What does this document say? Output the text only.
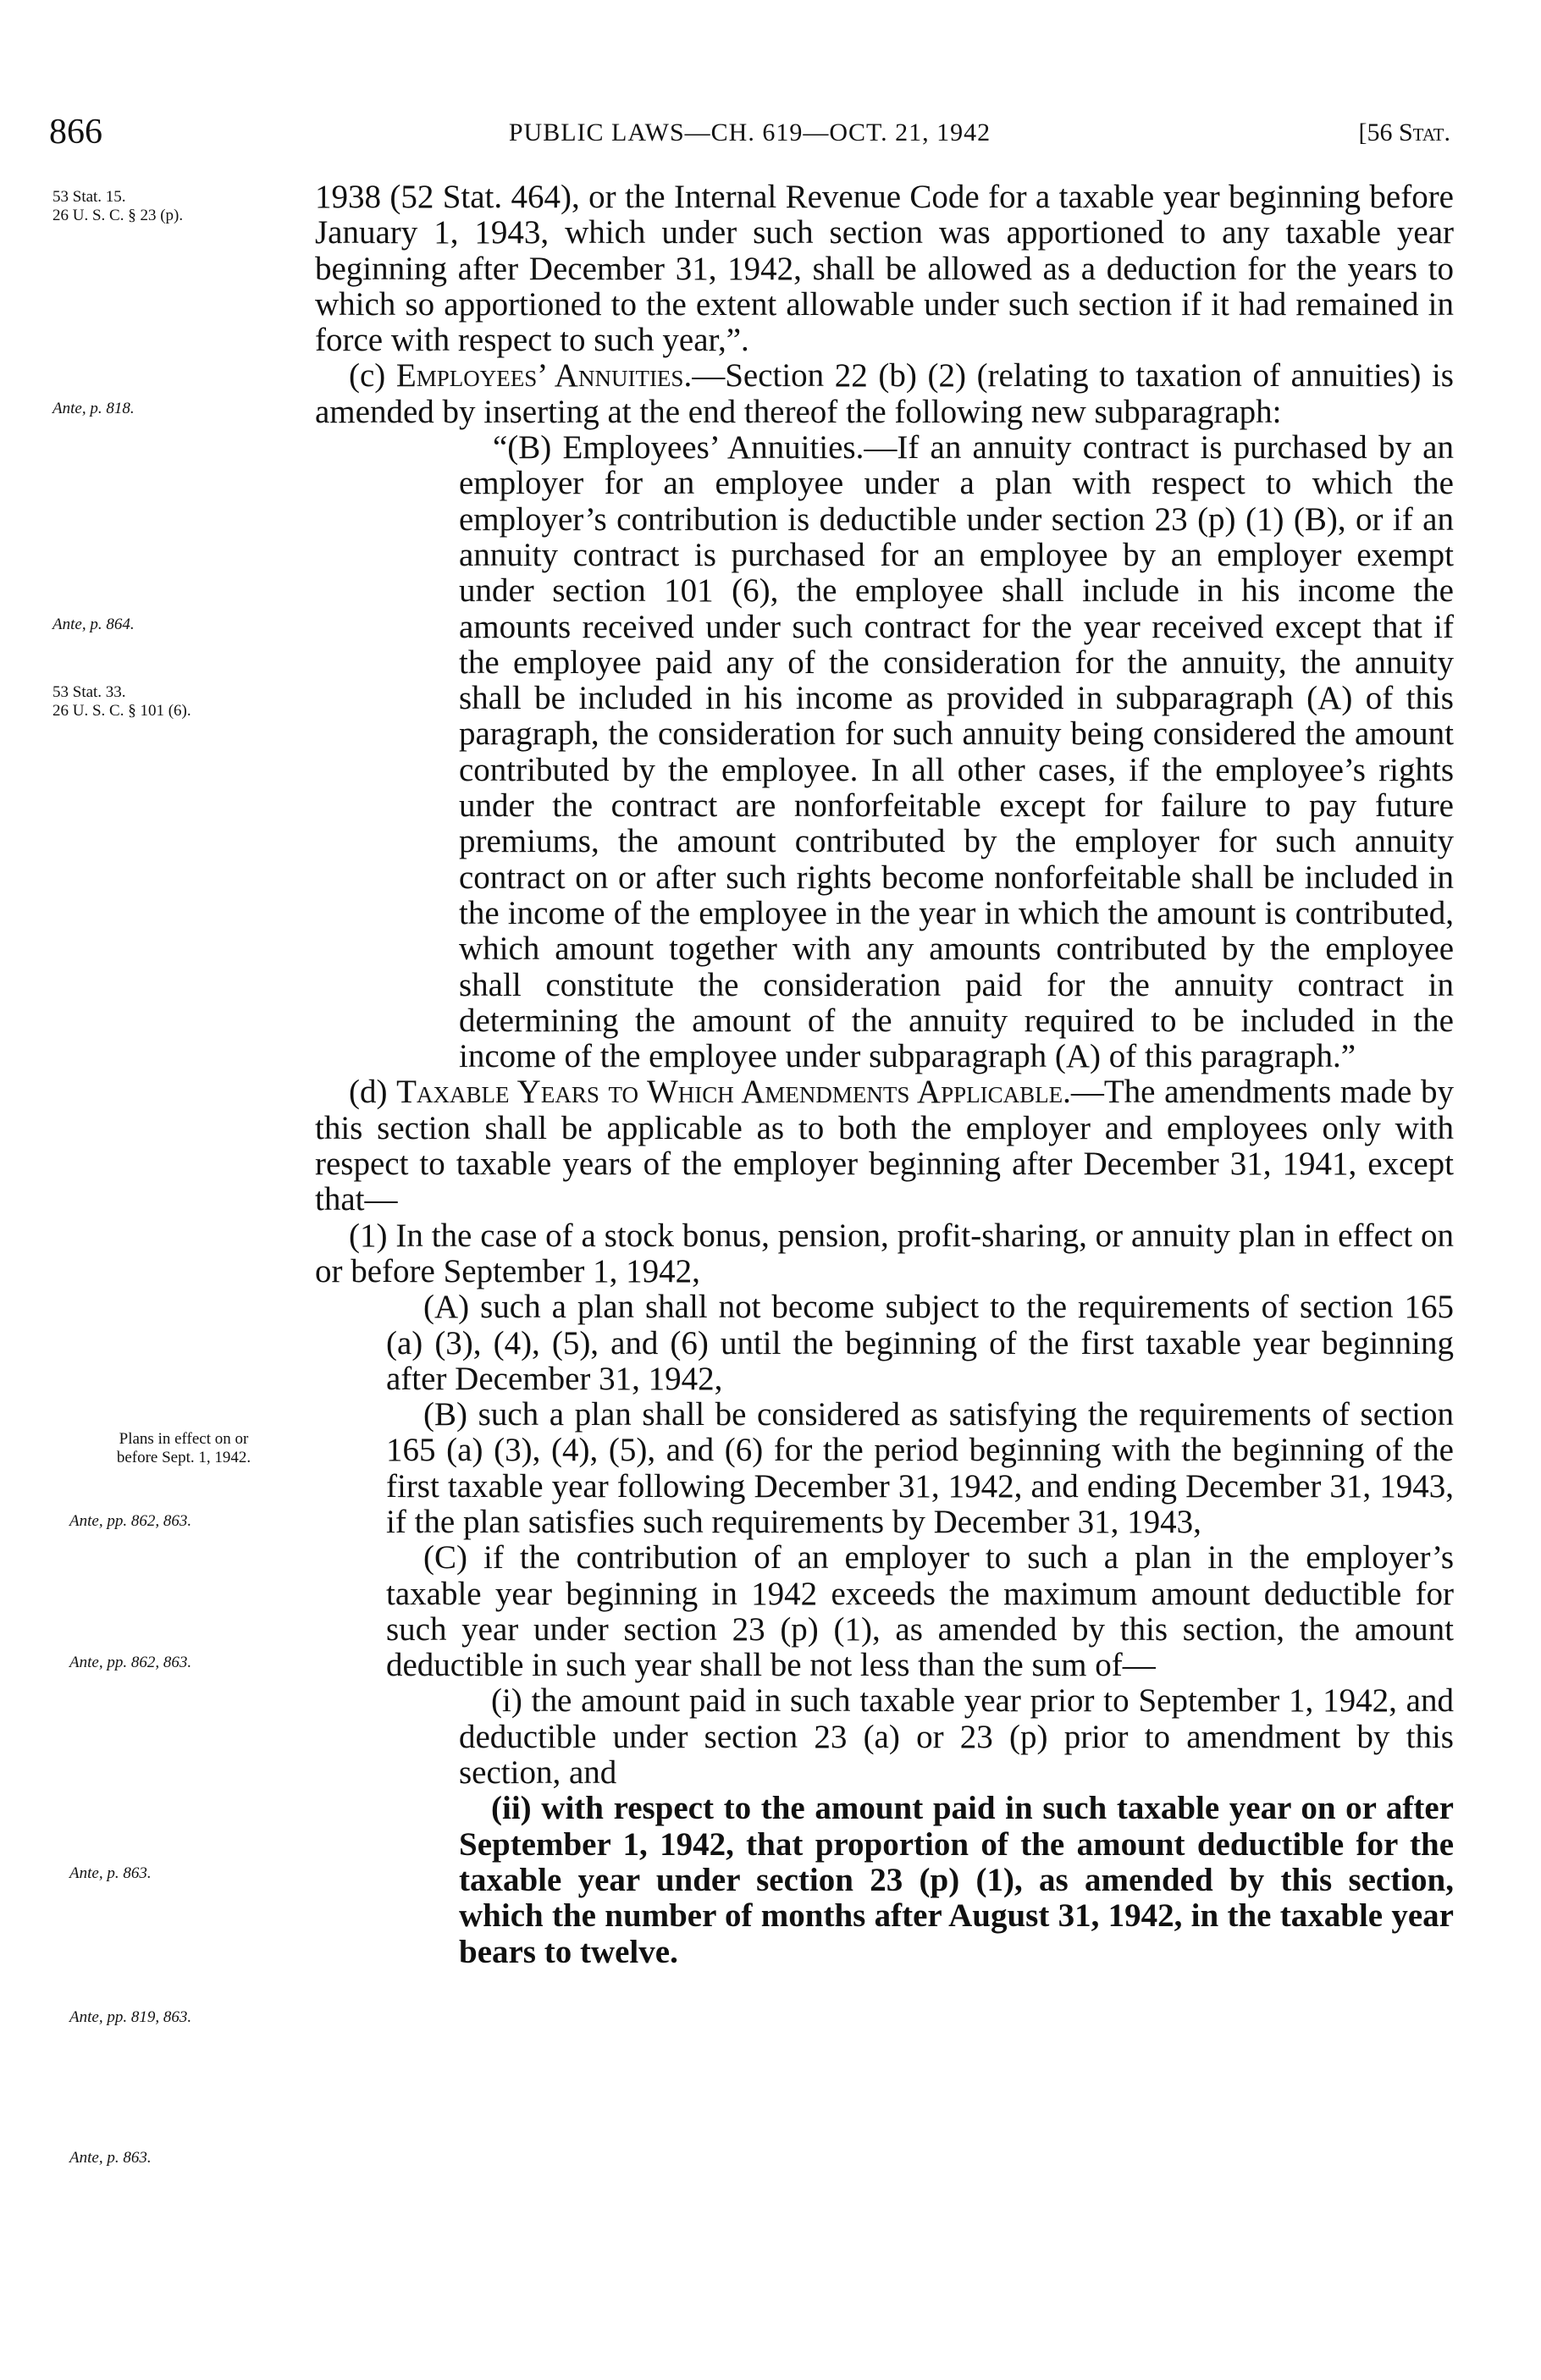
866	PUBLIC LAWS—CH. 619—OCT. 21, 1942	[56 Stat.
53 Stat. 15.
26 U. S. C. § 23 (p).
Ante, p. 818.
Ante, p. 864.
53 Stat. 33.
26 U. S. C. § 101 (6).
Plans in effect on or
before Sept. 1, 1942.
Ante, pp. 862, 863.
Ante, pp. 862, 863.
Ante, p. 863.
Ante, pp. 819, 863.
Ante, p. 863.

1938 (52 Stat. 464), or the Internal Revenue Code for a taxable year beginning before January 1, 1943, which under such section was apportioned to any taxable year beginning after December 31, 1942, shall be allowed as a deduction for the years to which so apportioned to the extent allowable under such section if it had remained in force with respect to such year,”.

(c) Employees’ Annuities.—Section 22 (b) (2) (relating to taxation of annuities) is amended by inserting at the end thereof the following new subparagraph:

“(B) Employees’ Annuities.—If an annuity contract is purchased by an employer for an employee under a plan with respect to which the employer’s contribution is deductible under section 23 (p) (1) (B), or if an annuity contract is purchased for an employee by an employer exempt under section 101 (6), the employee shall include in his income the amounts received under such contract for the year received except that if the employee paid any of the consideration for the annuity, the annuity shall be included in his income as provided in subparagraph (A) of this paragraph, the consideration for such annuity being considered the amount contributed by the employee. In all other cases, if the employee’s rights under the contract are nonforfeitable except for failure to pay future premiums, the amount contributed by the employer for such annuity contract on or after such rights become nonforfeitable shall be included in the income of the employee in the year in which the amount is contributed, which amount together with any amounts contributed by the employee shall constitute the consideration paid for the annuity contract in determining the amount of the annuity required to be included in the income of the employee under subparagraph (A) of this paragraph.”

(d) Taxable Years to Which Amendments Applicable.—The amendments made by this section shall be applicable as to both the employer and employees only with respect to taxable years of the employer beginning after December 31, 1941, except that—

(1) In the case of a stock bonus, pension, profit-sharing, or annuity plan in effect on or before September 1, 1942,

(A) such a plan shall not become subject to the requirements of section 165 (a) (3), (4), (5), and (6) until the beginning of the first taxable year beginning after December 31, 1942,

(B) such a plan shall be considered as satisfying the requirements of section 165 (a) (3), (4), (5), and (6) for the period beginning with the beginning of the first taxable year following December 31, 1942, and ending December 31, 1943, if the plan satisfies such requirements by December 31, 1943,

(C) if the contribution of an employer to such a plan in the employer’s taxable year beginning in 1942 exceeds the maximum amount deductible for such year under section 23 (p) (1), as amended by this section, the amount deductible in such year shall be not less than the sum of—

(i) the amount paid in such taxable year prior to September 1, 1942, and deductible under section 23 (a) or 23 (p) prior to amendment by this section, and

(ii) with respect to the amount paid in such taxable year on or after September 1, 1942, that proportion of the amount deductible for the taxable year under section 23 (p) (1), as amended by this section, which the number of months after August 31, 1942, in the taxable year bears to twelve.
